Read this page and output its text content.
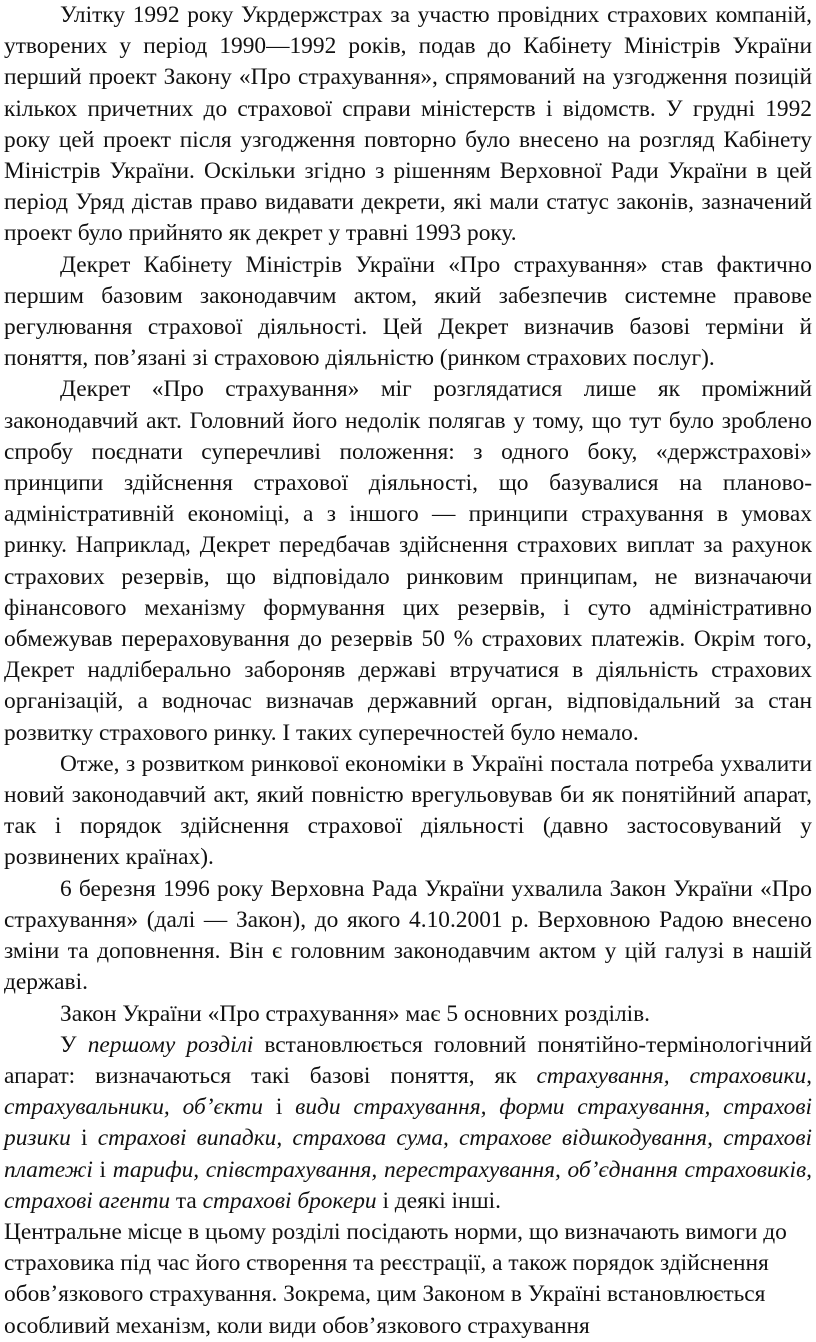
Улітку 1992 року Укрдержстрах за участю провідних страхових компаній, утворених у період 1990—1992 років, подав до Кабінету Міністрів України перший проект Закону «Про страхування», спрямований на узгодження позицій кількох причетних до страхової справи міністерств і відомств. У грудні 1992 року цей проект після узгодження повторно було внесено на розгляд Кабінету Міністрів України. Оскільки згідно з рішенням Верховної Ради України в цей період Уряд дістав право видавати декрети, які мали статус законів, зазначений проект було прийнято як декрет у травні 1993 року.

Декрет Кабінету Міністрів України «Про страхування» став фактично першим базовим законодавчим актом, який забезпечив системне правове регулювання страхової діяльності. Цей Декрет визначив базові терміни й поняття, пов’язані зі страховою діяльністю (ринком страхових послуг).

Декрет «Про страхування» міг розглядатися лише як проміжний законодавчий акт. Головний його недолік полягав у тому, що тут було зроблено спробу поєднати суперечливі положення: з одного боку, «держстрахові» принципи здійснення страхової діяльності, що базувалися на планово-адміністративній економіці, а з іншого — принципи страхування в умовах ринку. Наприклад, Декрет передбачав здійснення страхових виплат за рахунок страхових резервів, що відповідало ринковим принципам, не визначаючи фінансового механізму формування цих резервів, і суто адміністративно обмежував перераховування до резервів 50 % страхових платежів. Окрім того, Декрет надліберально забороняв державі втручатися в діяльність страхових організацій, а водночас визначав державний орган, відповідальний за стан розвитку страхового ринку. І таких суперечностей було немало.

Отже, з розвитком ринкової економіки в Україні постала потреба ухвалити новий законодавчий акт, який повністю врегульовував би як понятійний апарат, так і порядок здійснення страхової діяльності (давно застосовуваний у розвинених країнах).

6 березня 1996 року Верховна Рада України ухвалила Закон України «Про страхування» (далі — Закон), до якого 4.10.2001 р. Верховною Радою внесено зміни та доповнення. Він є головним законодавчим актом у цій галузі в нашій державі.

Закон України «Про страхування» має 5 основних розділів.

У першому розділі встановлюється головний понятійно-термінологічний апарат: визначаються такі базові поняття, як страхування, страховики, страхувальники, об’єкти і види страхування, форми страхування, страхові ризики і страхові випадки, страхова сума, страхове відшкодування, страхові платежі і тарифи, співстрахування, перестрахування, об’єднання страховиків, страхові агенти та страхові брокери і деякі інші.

Центральне місце в цьому розділі посідають норми, що визначають вимоги до страховика під час його створення та реєстрації, а також порядок здійснення обов’язкового страхування. Зокрема, цим Законом в Україні встановлюється особливий механізм, коли види обов’язкового страхування
